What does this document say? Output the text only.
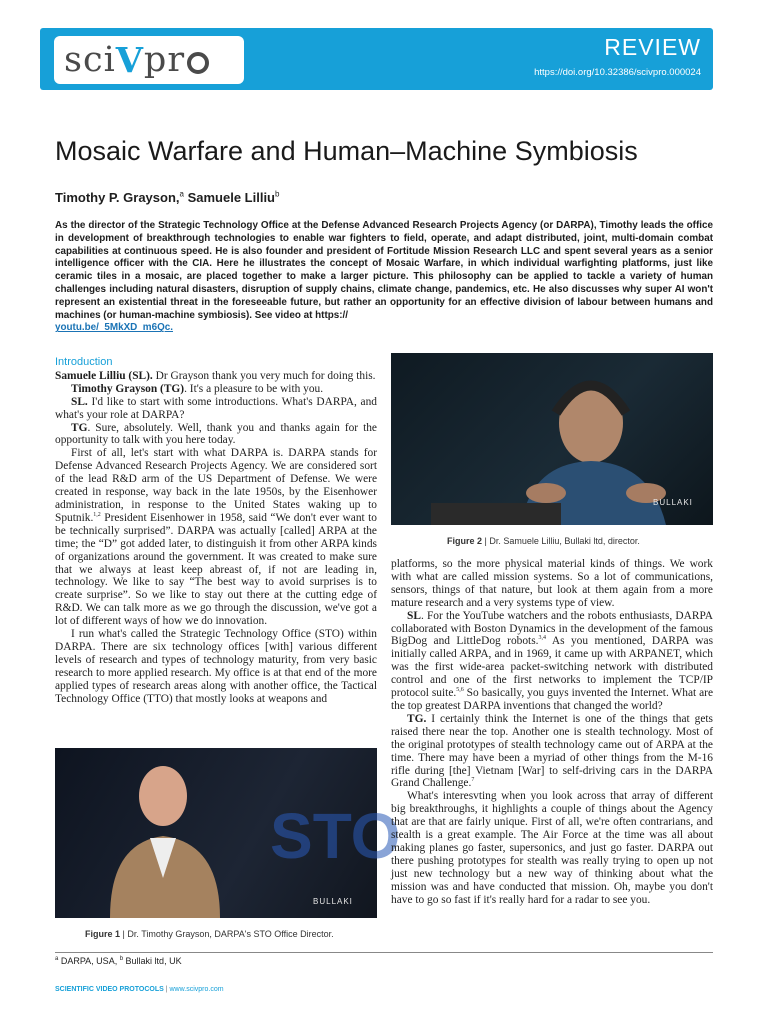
sci V pr	REVIEW
https://doi.org/10.32386/scivpro.000024
Mosaic Warfare and Human–Machine Symbiosis
Timothy P. Grayson,$^a$ Samuele Lilliu$^b$

As the director of the Strategic Technology Office at the Defense Advanced Research Projects Agency (or DARPA), Timothy leads the office in development of breakthrough technologies to enable war fighters to field, operate, and adapt distributed, joint, multi-domain combat capabilities at continuous speed. He is also founder and president of Fortitude Mission Research LLC and spent several years as a senior intelligence officer with the CIA. Here he illustrates the concept of Mosaic Warfare, in which individual warfighting platforms, just like ceramic tiles in a mosaic, are placed together to make a larger picture. This philosophy can be applied to tackle a variety of human challenges including natural disasters, disruption of supply chains, climate change, pandemics, etc. He also discusses why super AI won't represent an existential threat in the foreseeable future, but rather an opportunity for an effective division of labour between humans and machines (or human-machine symbiosis). See video at https://
youtu.be/_5MkXD_m6Qc.

Introduction

Samuele Lilliu (SL). Dr Grayson thank you very much for doing this.

Timothy Grayson (TG). It's a pleasure to be with you.

SL. I'd like to start with some introductions. What's DARPA, and what's your role at DARPA?

TG. Sure, absolutely. Well, thank you and thanks again for the opportunity to talk with you here today.

First of all, let's start with what DARPA is. DARPA stands for Defense Advanced Research Projects Agency. We are considered sort of the lead R&D arm of the US Department of Defense. We were created in response, way back in the late 1950s, by the Eisenhower administration, in response to the United States waking up to Sputnik.$^{1,2}$ President Eisenhower in 1958, said “We don't ever want to be technically surprised”. DARPA was actually [called] ARPA at the time; the “D” got added later, to distinguish it from other ARPA kinds of organizations around the government. It was created to make sure that we always at least keep abreast of, if not are leading in, technology. We like to say “The best way to avoid surprises is to create surprise”. So we like to stay out there at the cutting edge of R&D. We can talk more as we go through the discussion, we've got a lot of different ways of how we do innovation.

I run what's called the Strategic Technology Office (STO) within DARPA. There are six technology offices [with] various different levels of research and types of technology maturity, from very basic research to more applied research. My office is at that end of the more applied types of research areas along with another office, the Tactical Technology Office (TTO) that mostly looks at weapons and

BULLAKI
Figure 2 | Dr. Samuele Lilliu, Bullaki ltd, director.
STO
BULLAKI
Figure 1 | Dr. Timothy Grayson, DARPA's STO Office Director.

platforms, so the more physical material kinds of things. We work with what are called mission systems. So a lot of communications, sensors, things of that nature, but look at them again from a more mature research and a very systems type of view.

SL. For the YouTube watchers and the robots enthusiasts, DARPA collaborated with Boston Dynamics in the development of the famous BigDog and LittleDog robots.$^{3,4}$ As you mentioned, DARPA was initially called ARPA, and in 1969, it came up with ARPANET, which was the first wide-area packet-switching network with distributed control and one of the first networks to implement the TCP/IP protocol suite.$^{5,6}$ So basically, you guys invented the Internet. What are the top greatest DARPA inventions that changed the world?

TG. I certainly think the Internet is one of the things that gets raised there near the top. Another one is stealth technology. Most of the original prototypes of stealth technology came out of ARPA at the time. There may have been a myriad of other things from the M-16 rifle during [the] Vietnam [War] to self-driving cars in the DARPA Grand Challenge.$^7$

What's interesvting when you look across that array of different big breakthroughs, it highlights a couple of things about the Agency that are that are fairly unique. First of all, we're often contrarians, and stealth is a great example. The Air Force at the time was all about making planes go faster, supersonics, and just go faster. DARPA out there pushing prototypes for stealth was really trying to open up not just new technology but a new way of thinking about what the mission was and have conducted that mission. Oh, maybe you don't have to go so fast if it's really hard for a radar to see you.

$^a$ DARPA, USA, $^b$ Bullaki ltd, UK
SCIENTIFIC VIDEO PROTOCOLS | www.scivpro.com
